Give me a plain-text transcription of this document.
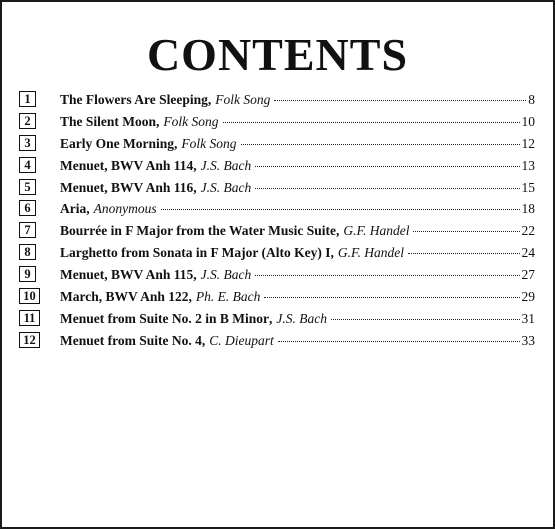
CONTENTS
1	The Flowers Are Sleeping , Folk Song	8
2	The Silent Moon , Folk Song	10
3	Early One Morning , Folk Song	12
4	Menuet, BWV Anh 114 , J.S. Bach	13
5	Menuet, BWV Anh 116 , J.S. Bach	15
6	Aria , Anonymous	18
7	Bourrée in F Major from the Water Music Suite , G.F. Handel	22
8	Larghetto from Sonata in F Major (Alto Key) I , G.F. Handel	24
9	Menuet, BWV Anh 115 , J.S. Bach	27
10	March, BWV Anh 122 , Ph. E. Bach	29
11	Menuet from Suite No. 2 in B Minor , J.S. Bach	31
12	Menuet from Suite No. 4 , C. Dieupart	33
